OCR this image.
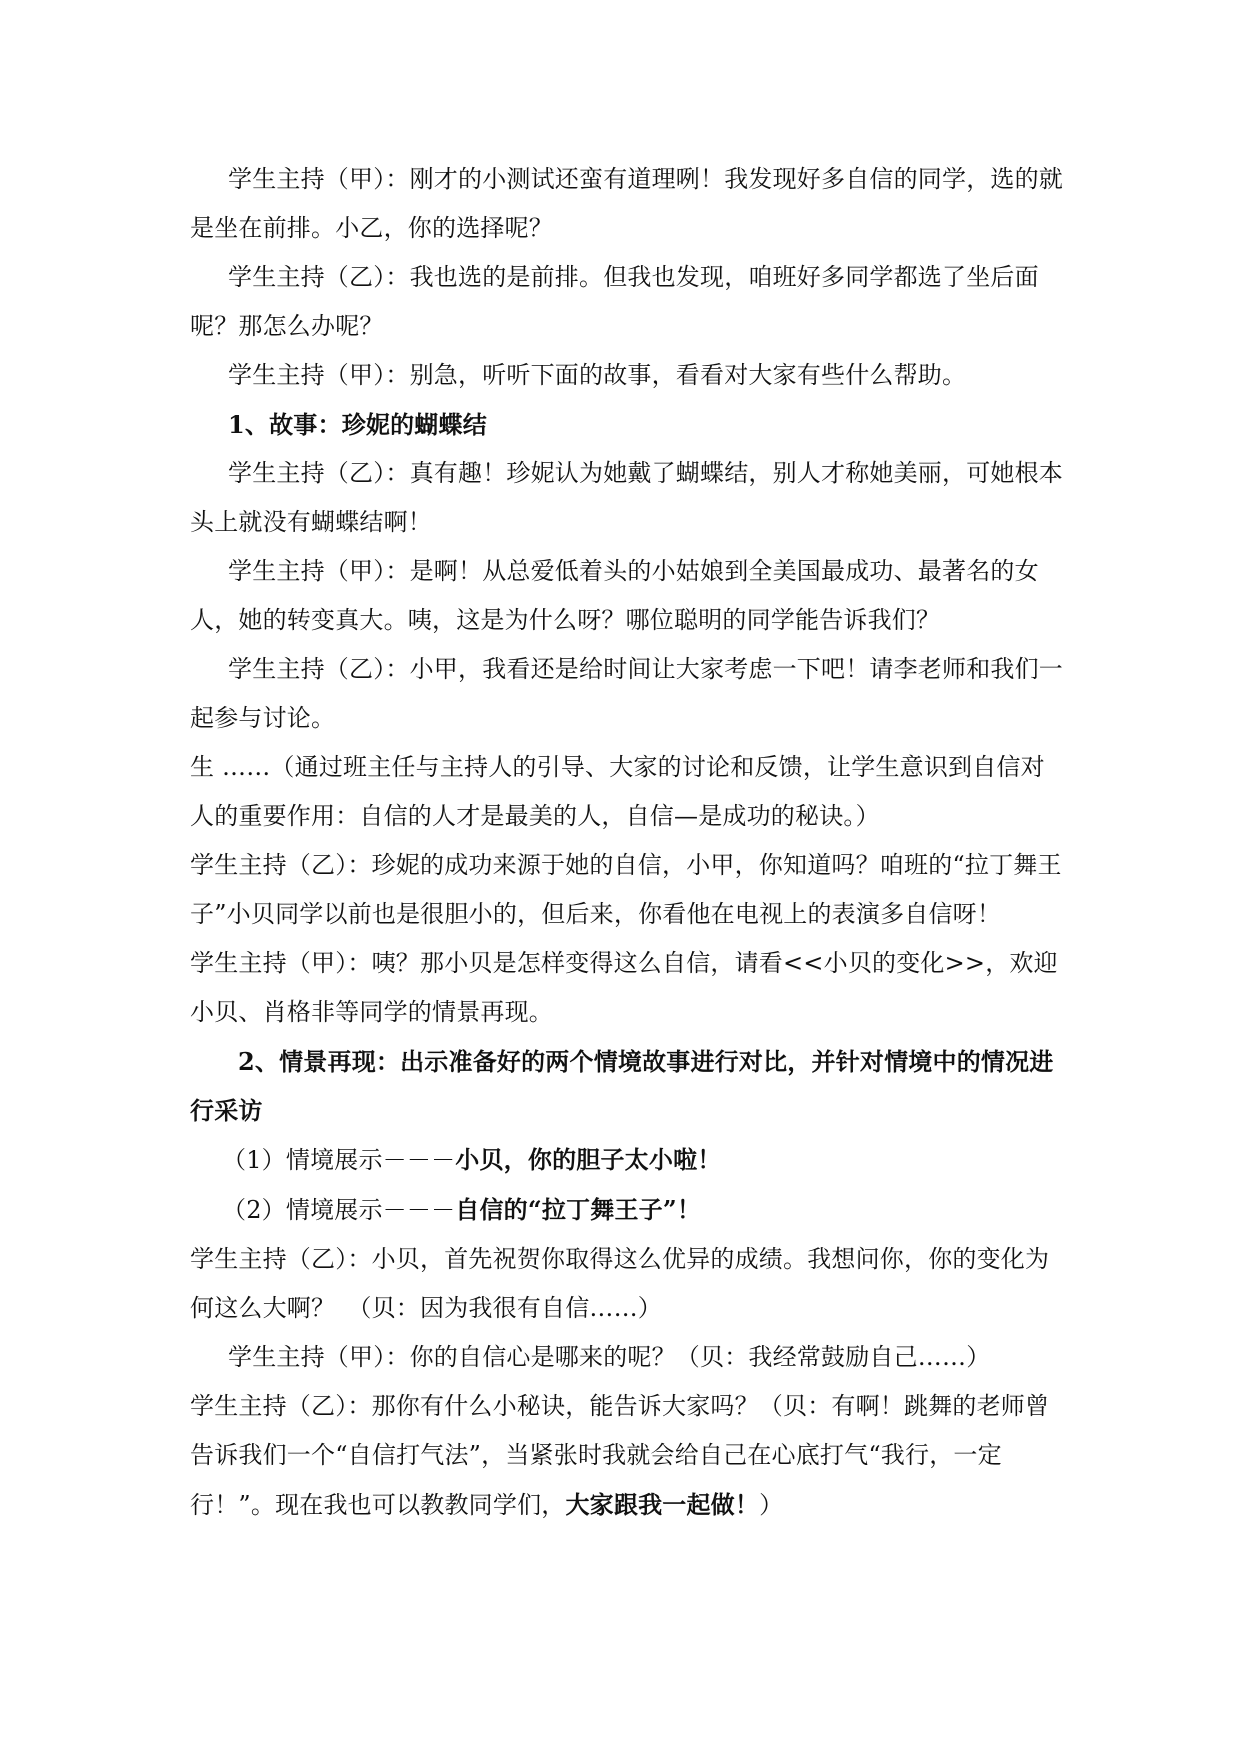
学生主持（甲）：刚才的小测试还蛮有道理咧！我发现好多自信的同学，选的就是坐在前排。小乙，你的选择呢？

学生主持（乙）：我也选的是前排。但我也发现，咱班好多同学都选了坐后面呢？那怎么办呢？

学生主持（甲）：别急，听听下面的故事，看看对大家有些什么帮助。

1、故事：珍妮的蝴蝶结

学生主持（乙）：真有趣！珍妮认为她戴了蝴蝶结，别人才称她美丽，可她根本头上就没有蝴蝶结啊！

学生主持（甲）：是啊！从总爱低着头的小姑娘到全美国最成功、最著名的女人，她的转变真大。咦，这是为什么呀？哪位聪明的同学能告诉我们？

学生主持（乙）：小甲，我看还是给时间让大家考虑一下吧！请李老师和我们一起参与讨论。

生 ……（通过班主任与主持人的引导、大家的讨论和反馈，让学生意识到自信对人的重要作用：自信的人才是最美的人，自信—是成功的秘诀。）

学生主持（乙）：珍妮的成功来源于她的自信，小甲，你知道吗？咱班的“拉丁舞王子”小贝同学以前也是很胆小的，但后来，你看他在电视上的表演多自信呀！

学生主持（甲）：咦？那小贝是怎样变得这么自信，请看<<小贝的变化>>，欢迎小贝、肖格非等同学的情景再现。

2、情景再现：出示准备好的两个情境故事进行对比，并针对情境中的情况进行采访

（1）情境展示－－－小贝，你的胆子太小啦！

（2）情境展示－－－自信的“拉丁舞王子”！

学生主持（乙）：小贝，首先祝贺你取得这么优异的成绩。我想问你，你的变化为何这么大啊？　（贝：因为我很有自信……）

学生主持（甲）：你的自信心是哪来的呢？（贝：我经常鼓励自己……）

学生主持（乙）：那你有什么小秘诀，能告诉大家吗？（贝：有啊！跳舞的老师曾告诉我们一个“自信打气法”，当紧张时我就会给自己在心底打气“我行，一定行！”。现在我也可以教教同学们，大家跟我一起做！）
